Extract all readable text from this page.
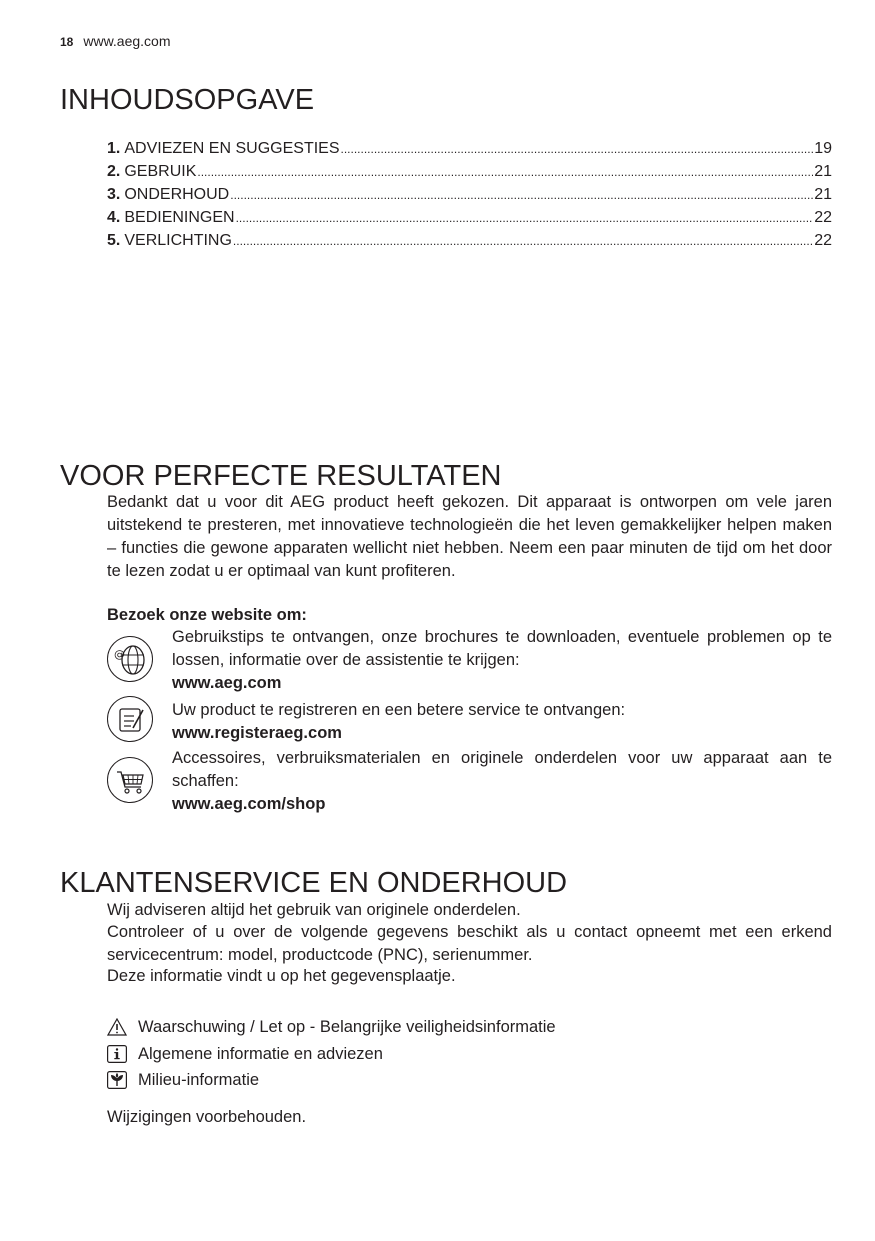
18 www.aeg.com
INHOUDSOPGAVE
1. ADVIEZEN EN SUGGESTIES .....	19
2. GEBRUIK .....	21
3. ONDERHOUD .....	21
4. BEDIENINGEN .....	22
5. VERLICHTING .....	22
VOOR PERFECTE RESULTATEN
Bedankt dat u voor dit AEG product heeft gekozen. Dit apparaat is ontworpen om vele jaren uitstekend te presteren, met innovatieve technologieën die het leven gemakkelijker helpen maken – functies die gewone apparaten wellicht niet hebben. Neem een paar minuten de tijd om het door te lezen zodat u er optimaal van kunt profiteren.
Bezoek onze website om:
@
Gebruikstips te ontvangen, onze brochures te downloaden, eventuele problemen op te lossen, informatie over de assistentie te krijgen:
www.aeg.com
Uw product te registreren en een betere service te ontvangen:
www.registeraeg.com
Accessoires, verbruiksmaterialen en originele onderdelen voor uw apparaat aan te schaffen:
www.aeg.com/shop
KLANTENSERVICE EN ONDERHOUD
Wij adviseren altijd het gebruik van originele onderdelen.
Controleer of u over de volgende gegevens beschikt als u contact opneemt met een erkend servicecentrum: model, productcode (PNC), serienummer.
Deze informatie vindt u op het gegevensplaatje.
Waarschuwing / Let op - Belangrijke veiligheidsinformatie
Algemene informatie en adviezen
Milieu-informatie
Wijzigingen voorbehouden.
